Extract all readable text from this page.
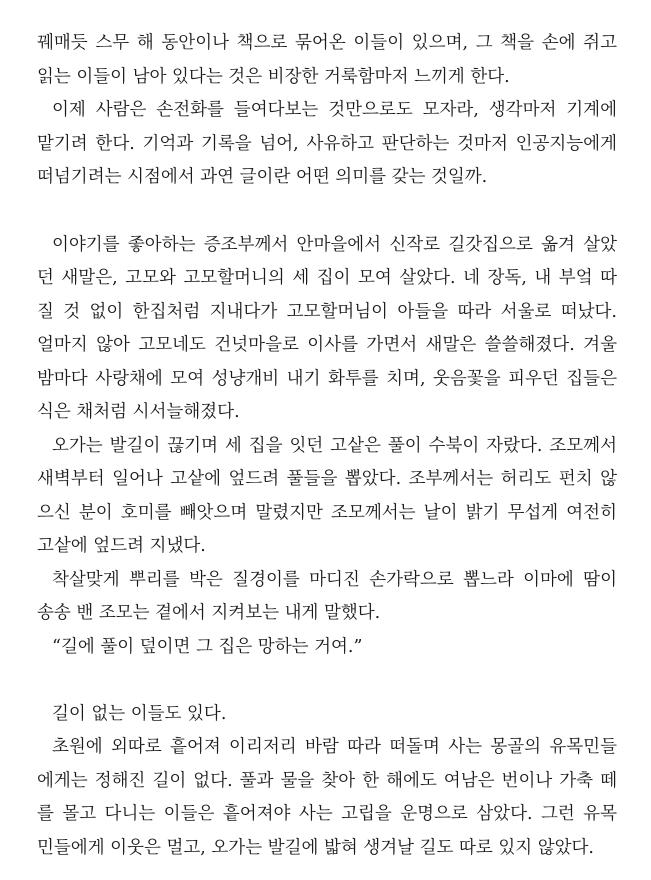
꿰매듯 스무 해 동안이나 책으로 묶어온 이들이 있으며, 그 책을 손에 쥐고
읽는 이들이 남아 있다는 것은 비장한 거룩함마저 느끼게 한다.
이제 사람은 손전화를 들여다보는 것만으로도 모자라, 생각마저 기계에
맡기려 한다. 기억과 기록을 넘어, 사유하고 판단하는 것마저 인공지능에게
떠넘기려는 시점에서 과연 글이란 어떤 의미를 갖는 것일까.
이야기를 좋아하는 증조부께서 안마을에서 신작로 길갓집으로 옮겨 살았
던 새말은, 고모와 고모할머니의 세 집이 모여 살았다. 네 장독, 내 부엌 따
질 것 없이 한집처럼 지내다가 고모할머님이 아들을 따라 서울로 떠났다.
얼마지 않아 고모네도 건넛마을로 이사를 가면서 새말은 쓸쓸해졌다. 겨울
밤마다 사랑채에 모여 성냥개비 내기 화투를 치며, 웃음꽃을 피우던 집들은
식은 채처럼 시서늘해졌다.
오가는 발길이 끊기며 세 집을 잇던 고샅은 풀이 수북이 자랐다. 조모께서
새벽부터 일어나 고샅에 엎드려 풀들을 뽑았다. 조부께서는 허리도 펀치 않
으신 분이 호미를 빼앗으며 말렸지만 조모께서는 날이 밝기 무섭게 여전히
고샅에 엎드려 지냈다.
착살맞게 뿌리를 박은 질경이를 마디진 손가락으로 뽑느라 이마에 땀이
송송 밴 조모는 곁에서 지켜보는 내게 말했다.
“길에 풀이 덮이면 그 집은 망하는 거여.”
길이 없는 이들도 있다.
초원에 외따로 흩어져 이리저리 바람 따라 떠돌며 사는 몽골의 유목민들
에게는 정해진 길이 없다. 풀과 물을 찾아 한 해에도 여남은 번이나 가축 떼
를 몰고 다니는 이들은 흩어져야 사는 고립을 운명으로 삼았다. 그런 유목
민들에게 이웃은 멀고, 오가는 발길에 밟혀 생겨날 길도 따로 있지 않았다.
